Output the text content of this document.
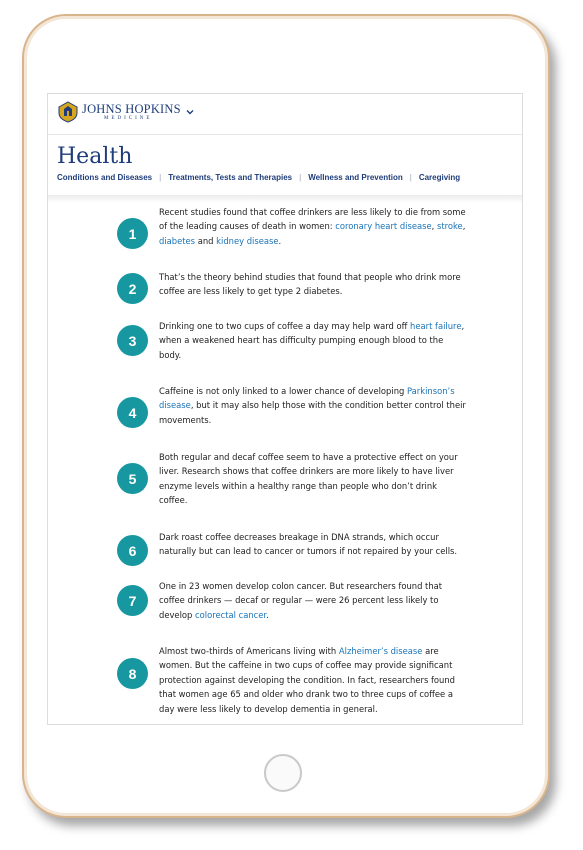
JOHNS HOPKINS
MEDICINE
Health
Conditions and Diseases | Treatments, Tests and Therapies | Wellness and Prevention | Caregiving
1
Recent studies found that coffee drinkers are less likely to die from some of the leading causes of death in women: coronary heart disease, stroke, diabetes and kidney disease.
2
That’s the theory behind studies that found that people who drink more coffee are less likely to get type 2 diabetes.
3
Drinking one to two cups of coffee a day may help ward off heart failure, when a weakened heart has difficulty pumping enough blood to the body.
4
Caffeine is not only linked to a lower chance of developing Parkinson’s disease, but it may also help those with the condition better control their movements.
5
Both regular and decaf coffee seem to have a protective effect on your liver. Research shows that coffee drinkers are more likely to have liver enzyme levels within a healthy range than people who don’t drink coffee.
6
Dark roast coffee decreases breakage in DNA strands, which occur naturally but can lead to cancer or tumors if not repaired by your cells.
7
One in 23 women develop colon cancer. But researchers found that coffee drinkers — decaf or regular — were 26 percent less likely to develop colorectal cancer.
8
Almost two-thirds of Americans living with Alzheimer’s disease are women. But the caffeine in two cups of coffee may provide significant protection against developing the condition. In fact, researchers found that women age 65 and older who drank two to three cups of coffee a day were less likely to develop dementia in general.
